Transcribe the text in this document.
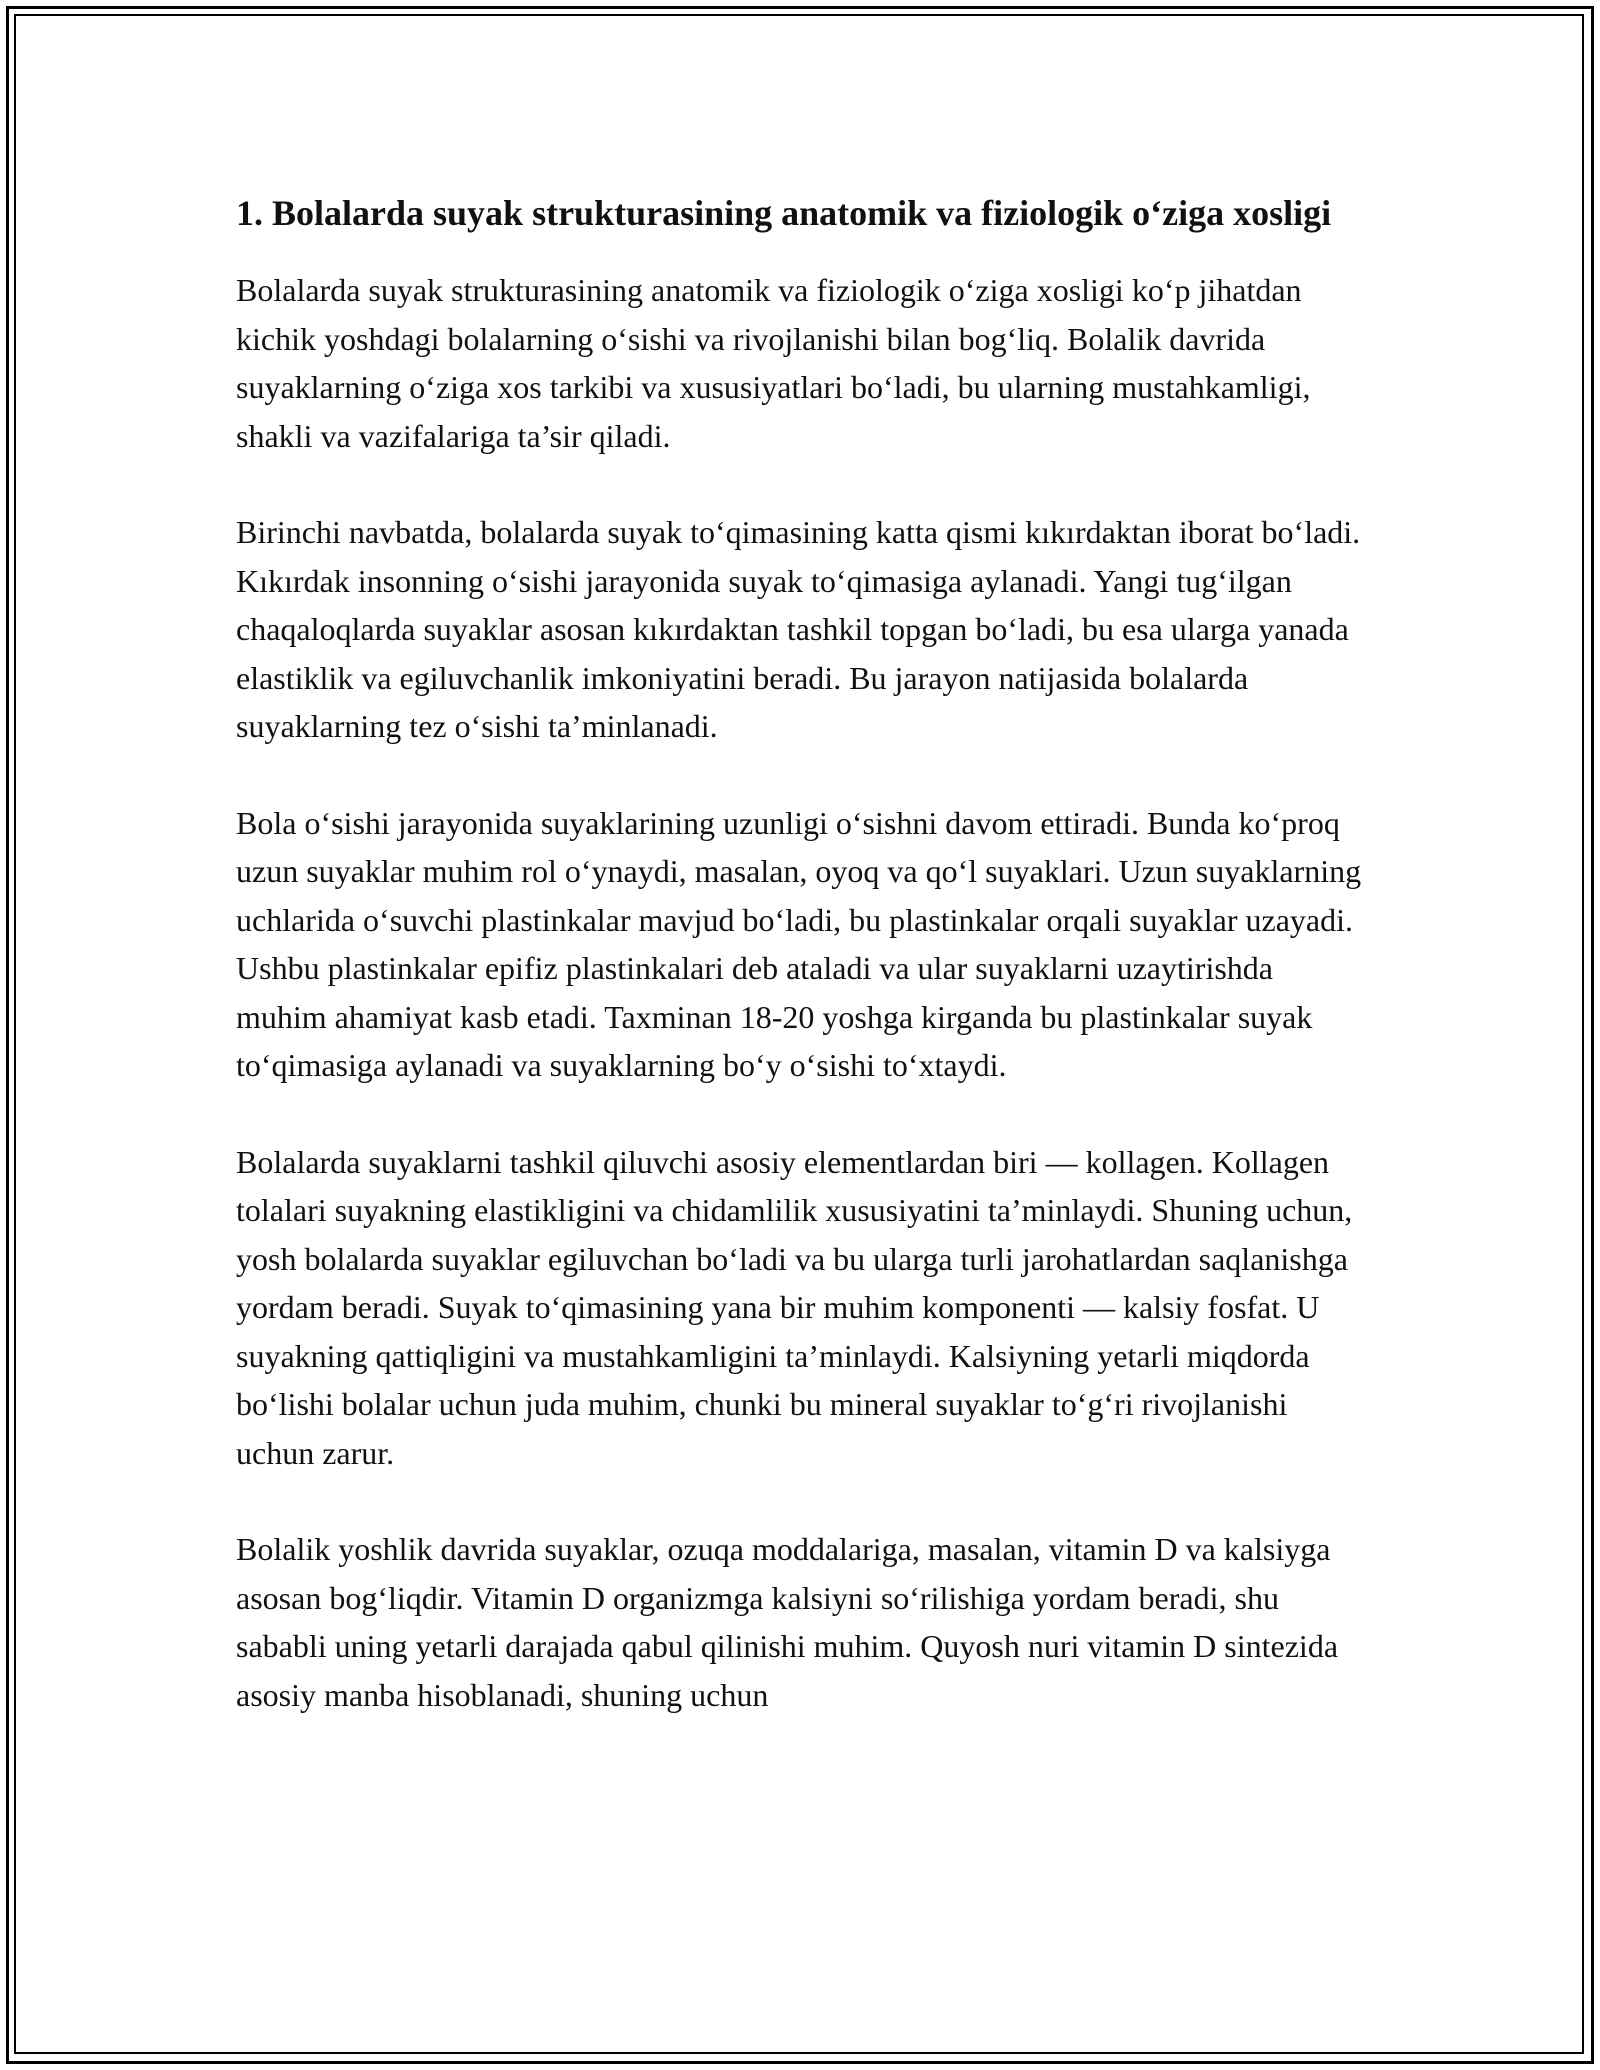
1. Bolalarda suyak strukturasining anatomik va fiziologik o‘ziga xosligi

Bolalarda suyak strukturasining anatomik va fiziologik o‘ziga xosligi ko‘p jihatdan kichik yoshdagi bolalarning o‘sishi va rivojlanishi bilan bog‘liq. Bolalik davrida suyaklarning o‘ziga xos tarkibi va xususiyatlari bo‘ladi, bu ularning mustahkamligi, shakli va vazifalariga ta’sir qiladi.

Birinchi navbatda, bolalarda suyak to‘qimasining katta qismi kıkırdaktan iborat bo‘ladi. Kıkırdak insonning o‘sishi jarayonida suyak to‘qimasiga aylanadi. Yangi tug‘ilgan chaqaloqlarda suyaklar asosan kıkırdaktan tashkil topgan bo‘ladi, bu esa ularga yanada elastiklik va egiluvchanlik imkoniyatini beradi. Bu jarayon natijasida bolalarda suyaklarning tez o‘sishi ta’minlanadi.

Bola o‘sishi jarayonida suyaklarining uzunligi o‘sishni davom ettiradi. Bunda ko‘proq uzun suyaklar muhim rol o‘ynaydi, masalan, oyoq va qo‘l suyaklari. Uzun suyaklarning uchlarida o‘suvchi plastinkalar mavjud bo‘ladi, bu plastinkalar orqali suyaklar uzayadi. Ushbu plastinkalar epifiz plastinkalari deb ataladi va ular suyaklarni uzaytirishda muhim ahamiyat kasb etadi. Taxminan 18-20 yoshga kirganda bu plastinkalar suyak to‘qimasiga aylanadi va suyaklarning bo‘y o‘sishi to‘xtaydi.

Bolalarda suyaklarni tashkil qiluvchi asosiy elementlardan biri — kollagen. Kollagen tolalari suyakning elastikligini va chidamlilik xususiyatini ta’minlaydi. Shuning uchun, yosh bolalarda suyaklar egiluvchan bo‘ladi va bu ularga turli jarohatlardan saqlanishga yordam beradi. Suyak to‘qimasining yana bir muhim komponenti — kalsiy fosfat. U suyakning qattiqligini va mustahkamligini ta’minlaydi. Kalsiyning yetarli miqdorda bo‘lishi bolalar uchun juda muhim, chunki bu mineral suyaklar to‘g‘ri rivojlanishi uchun zarur.

Bolalik yoshlik davrida suyaklar, ozuqa moddalariga, masalan, vitamin D va kalsiyga asosan bog‘liqdir. Vitamin D organizmga kalsiyni so‘rilishiga yordam beradi, shu sababli uning yetarli darajada qabul qilinishi muhim. Quyosh nuri vitamin D sintezida asosiy manba hisoblanadi, shuning uchun
